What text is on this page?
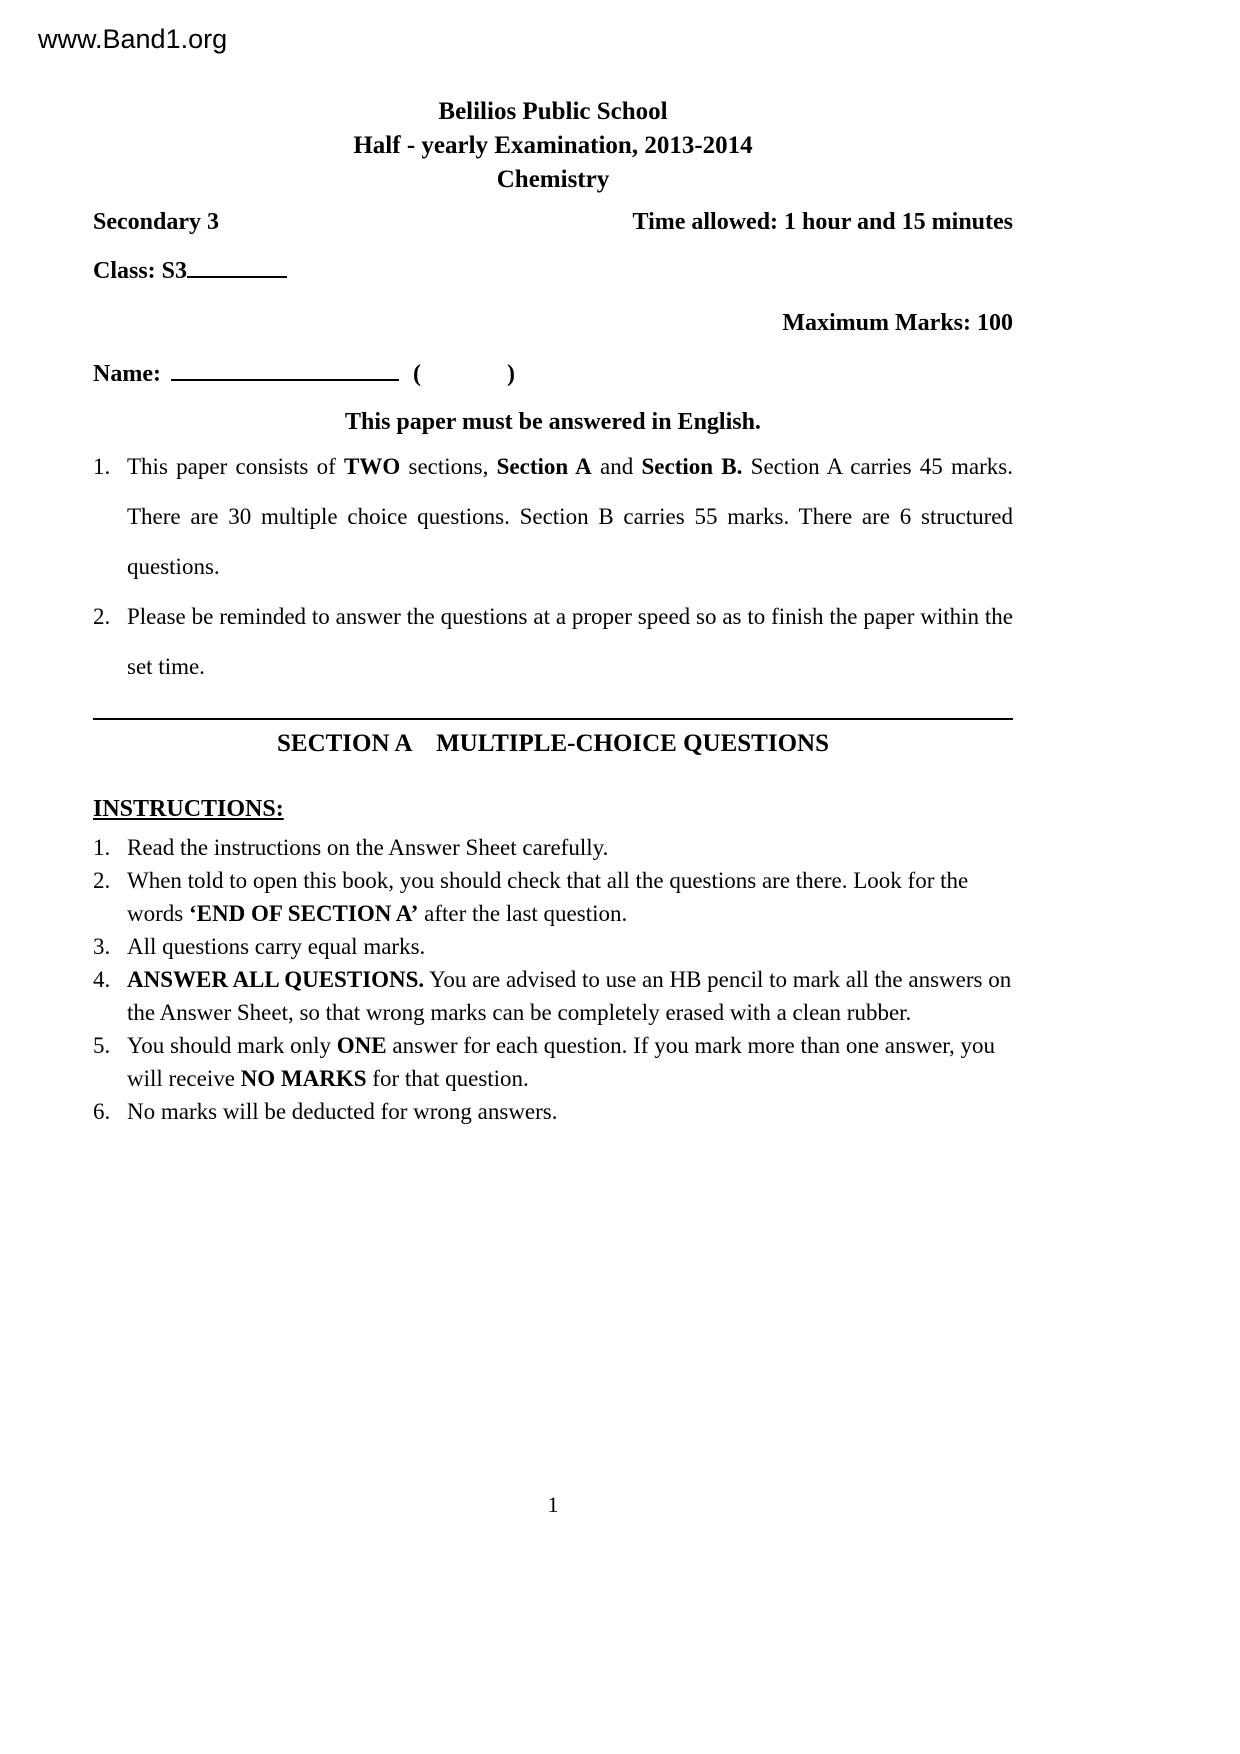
www.Band1.org
Belilios Public School
Half - yearly Examination, 2013-2014
Chemistry
Secondary 3	Time allowed: 1 hour and 15 minutes
Class: S3
Maximum Marks: 100
Name:	(	)
This paper must be answered in English.
1. This paper consists of TWO sections, Section A and Section B. Section A carries 45 marks. There are 30 multiple choice questions. Section B carries 55 marks. There are 6 structured questions.
2. Please be reminded to answer the questions at a proper speed so as to finish the paper within the set time.
SECTION A    MULTIPLE-CHOICE QUESTIONS
INSTRUCTIONS:
1. Read the instructions on the Answer Sheet carefully.
2. When told to open this book, you should check that all the questions are there. Look for the words ‘END OF SECTION A’ after the last question.
3. All questions carry equal marks.
4. ANSWER ALL QUESTIONS. You are advised to use an HB pencil to mark all the answers on the Answer Sheet, so that wrong marks can be completely erased with a clean rubber.
5. You should mark only ONE answer for each question. If you mark more than one answer, you will receive NO MARKS for that question.
6. No marks will be deducted for wrong answers.
1
